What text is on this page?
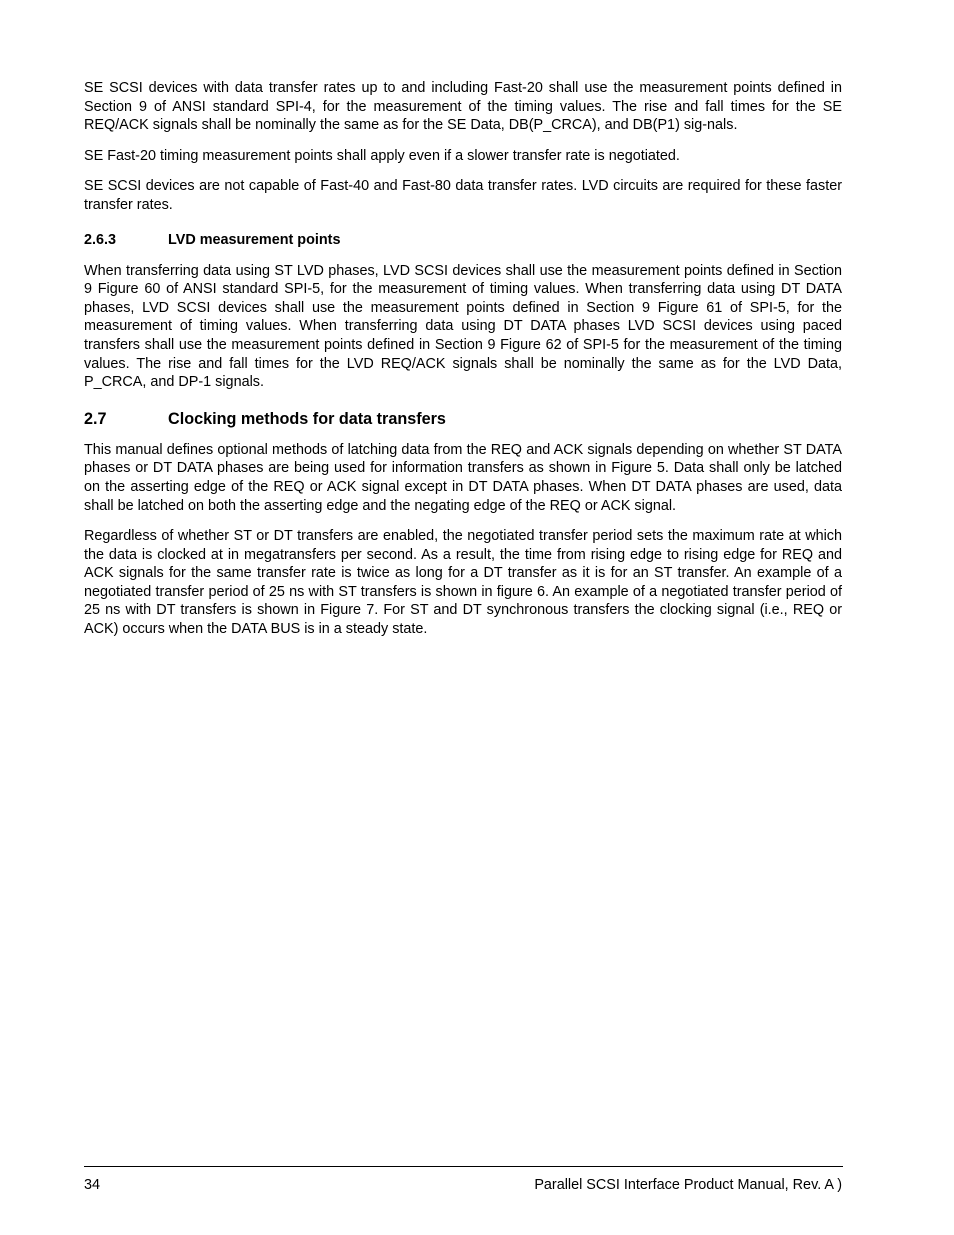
SE SCSI devices with data transfer rates up to and including Fast-20 shall use the measurement points defined in Section 9 of ANSI standard SPI-4, for the measurement of the timing values. The rise and fall times for the SE REQ/ACK signals shall be nominally the same as for the SE Data, DB(P_CRCA), and DB(P1) sig-nals.

SE Fast-20 timing measurement points shall apply even if a slower transfer rate is negotiated.

SE SCSI devices are not capable of Fast-40 and Fast-80 data transfer rates. LVD circuits are required for these faster transfer rates.

2.6.3	LVD measurement points

When transferring data using ST LVD phases, LVD SCSI devices shall use the measurement points defined in Section 9 Figure 60 of ANSI standard SPI-5, for the measurement of timing values. When transferring data using DT DATA phases, LVD SCSI devices shall use the measurement points defined in Section 9 Figure 61 of SPI-5, for the measurement of timing values. When transferring data using DT DATA phases LVD SCSI devices using paced transfers shall use the measurement points defined in Section 9 Figure 62 of SPI-5 for the measurement of the timing values. The rise and fall times for the LVD REQ/ACK signals shall be nominally the same as for the LVD Data, P_CRCA, and DP-1 signals.

2.7	Clocking methods for data transfers

This manual defines optional methods of latching data from the REQ and ACK signals depending on whether ST DATA phases or DT DATA phases are being used for information transfers as shown in Figure 5. Data shall only be latched on the asserting edge of the REQ or ACK signal except in DT DATA phases. When DT DATA phases are used, data shall be latched on both the asserting edge and the negating edge of the REQ or ACK signal.

Regardless of whether ST or DT transfers are enabled, the negotiated transfer period sets the maximum rate at which the data is clocked at in megatransfers per second. As a result, the time from rising edge to rising edge for REQ and ACK signals for the same transfer rate is twice as long for a DT transfer as it is for an ST transfer. An example of a negotiated transfer period of 25 ns with ST transfers is shown in figure 6. An example of a negotiated transfer period of 25 ns with DT transfers is shown in Figure 7. For ST and DT synchronous transfers the clocking signal (i.e., REQ or ACK) occurs when the DATA BUS is in a steady state.

34	Parallel SCSI Interface Product Manual, Rev. A )
